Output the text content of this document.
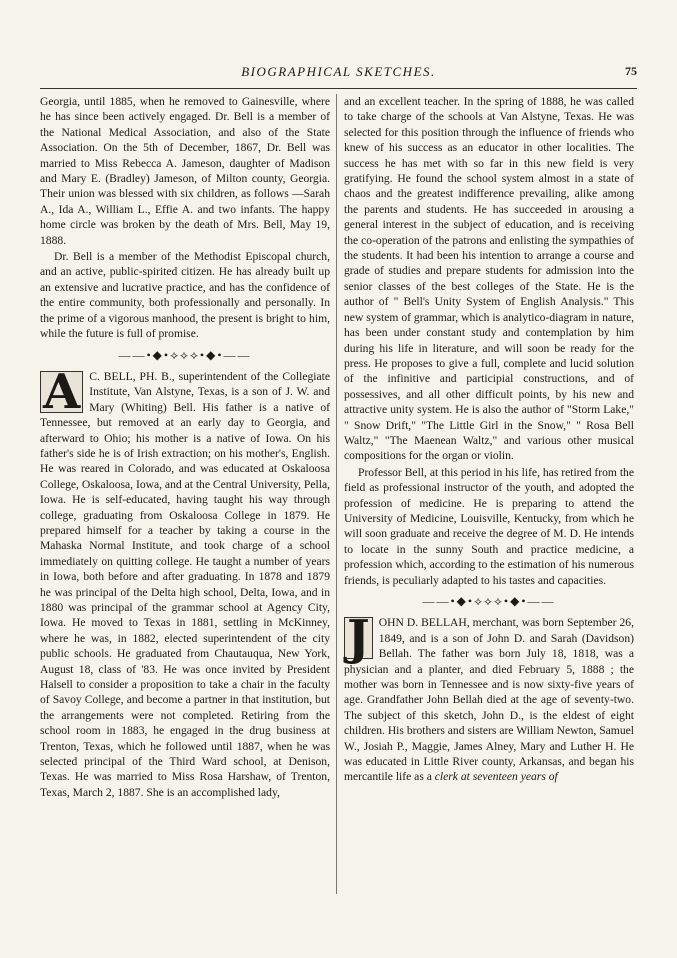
BIOGRAPHICAL SKETCHES.	75

Georgia, until 1885, when he removed to Gainesville, where he has since been actively engaged. Dr. Bell is a member of the National Medical Association, and also of the State Association. On the 5th of December, 1867, Dr. Bell was married to Miss Rebecca A. Jameson, daughter of Madison and Mary E. (Bradley) Jameson, of Milton county, Georgia. Their union was blessed with six children, as follows —Sarah A., Ida A., William L., Effie A. and two infants. The happy home circle was broken by the death of Mrs. Bell, May 19, 1888.

Dr. Bell is a member of the Methodist Episcopal church, and an active, public-spirited citizen. He has already built up an extensive and lucrative practice, and has the confidence of the entire community, both professionally and personally. In the prime of a vigorous manhood, the present is bright to him, while the future is full of promise.

——•◆•⟡⟡⟡•◆•——

A C. BELL, PH. B., superintendent of the Collegiate Institute, Van Alstyne, Texas, is a son of J. W. and Mary (Whiting) Bell. His father is a native of Tennessee, but removed at an early day to Georgia, and afterward to Ohio; his mother is a native of Iowa. On his father's side he is of Irish extraction; on his mother's, English. He was reared in Colorado, and was educated at Oskaloosa College, Oskaloosa, Iowa, and at the Central University, Pella, Iowa. He is self-educated, having taught his way through college, graduating from Oskaloosa College in 1879. He prepared himself for a teacher by taking a course in the Mahaska Normal Institute, and took charge of a school immediately on quitting college. He taught a number of years in Iowa, both before and after graduating. In 1878 and 1879 he was principal of the Delta high school, Delta, Iowa, and in 1880 was principal of the grammar school at Agency City, Iowa. He moved to Texas in 1881, settling in McKinney, where he was, in 1882, elected superintendent of the city public schools. He graduated from Chautauqua, New York, August 18, class of '83. He was once invited by President Halsell to consider a proposition to take a chair in the faculty of Savoy College, and become a partner in that institution, but the arrangements were not completed. Retiring from the school room in 1883, he engaged in the drug business at Trenton, Texas, which he followed until 1887, when he was selected principal of the Third Ward school, at Denison, Texas. He was married to Miss Rosa Harshaw, of Trenton, Texas, March 2, 1887. She is an accomplished lady,

and an excellent teacher. In the spring of 1888, he was called to take charge of the schools at Van Alstyne, Texas. He was selected for this position through the influence of friends who knew of his success as an educator in other localities. The success he has met with so far in this new field is very gratifying. He found the school system almost in a state of chaos and the greatest indifference prevailing, alike among the parents and students. He has succeeded in arousing a general interest in the subject of education, and is receiving the co-operation of the patrons and enlisting the sympathies of the students. It had been his intention to arrange a course and grade of studies and prepare students for admission into the senior classes of the best colleges of the State. He is the author of " Bell's Unity System of English Analysis." This new system of grammar, which is analytico-diagram in nature, has been under constant study and contemplation by him during his life in literature, and will soon be ready for the press. He proposes to give a full, complete and lucid solution of the infinitive and participial constructions, and of possessives, and all other difficult points, by his new and attractive unity system. He is also the author of "Storm Lake," " Snow Drift," "The Little Girl in the Snow," " Rosa Bell Waltz," "The Maenean Waltz," and various other musical compositions for the organ or violin.

Professor Bell, at this period in his life, has retired from the field as professional instructor of the youth, and adopted the profession of medicine. He is preparing to attend the University of Medicine, Louisville, Kentucky, from which he will soon graduate and receive the degree of M. D. He intends to locate in the sunny South and practice medicine, a profession which, according to the estimation of his numerous friends, is peculiarly adapted to his tastes and capacities.

——•◆•⟡⟡⟡•◆•——

J OHN D. BELLAH, merchant, was born September 26, 1849, and is a son of John D. and Sarah (Davidson) Bellah. The father was born July 18, 1818, was a physician and a planter, and died February 5, 1888 ; the mother was born in Tennessee and is now sixty-five years of age. Grandfather John Bellah died at the age of seventy-two. The subject of this sketch, John D., is the eldest of eight children. His brothers and sisters are William Newton, Samuel W., Josiah P., Maggie, James Alney, Mary and Luther H. He was educated in Little River county, Arkansas, and began his mercantile life as a clerk at seventeen years of
